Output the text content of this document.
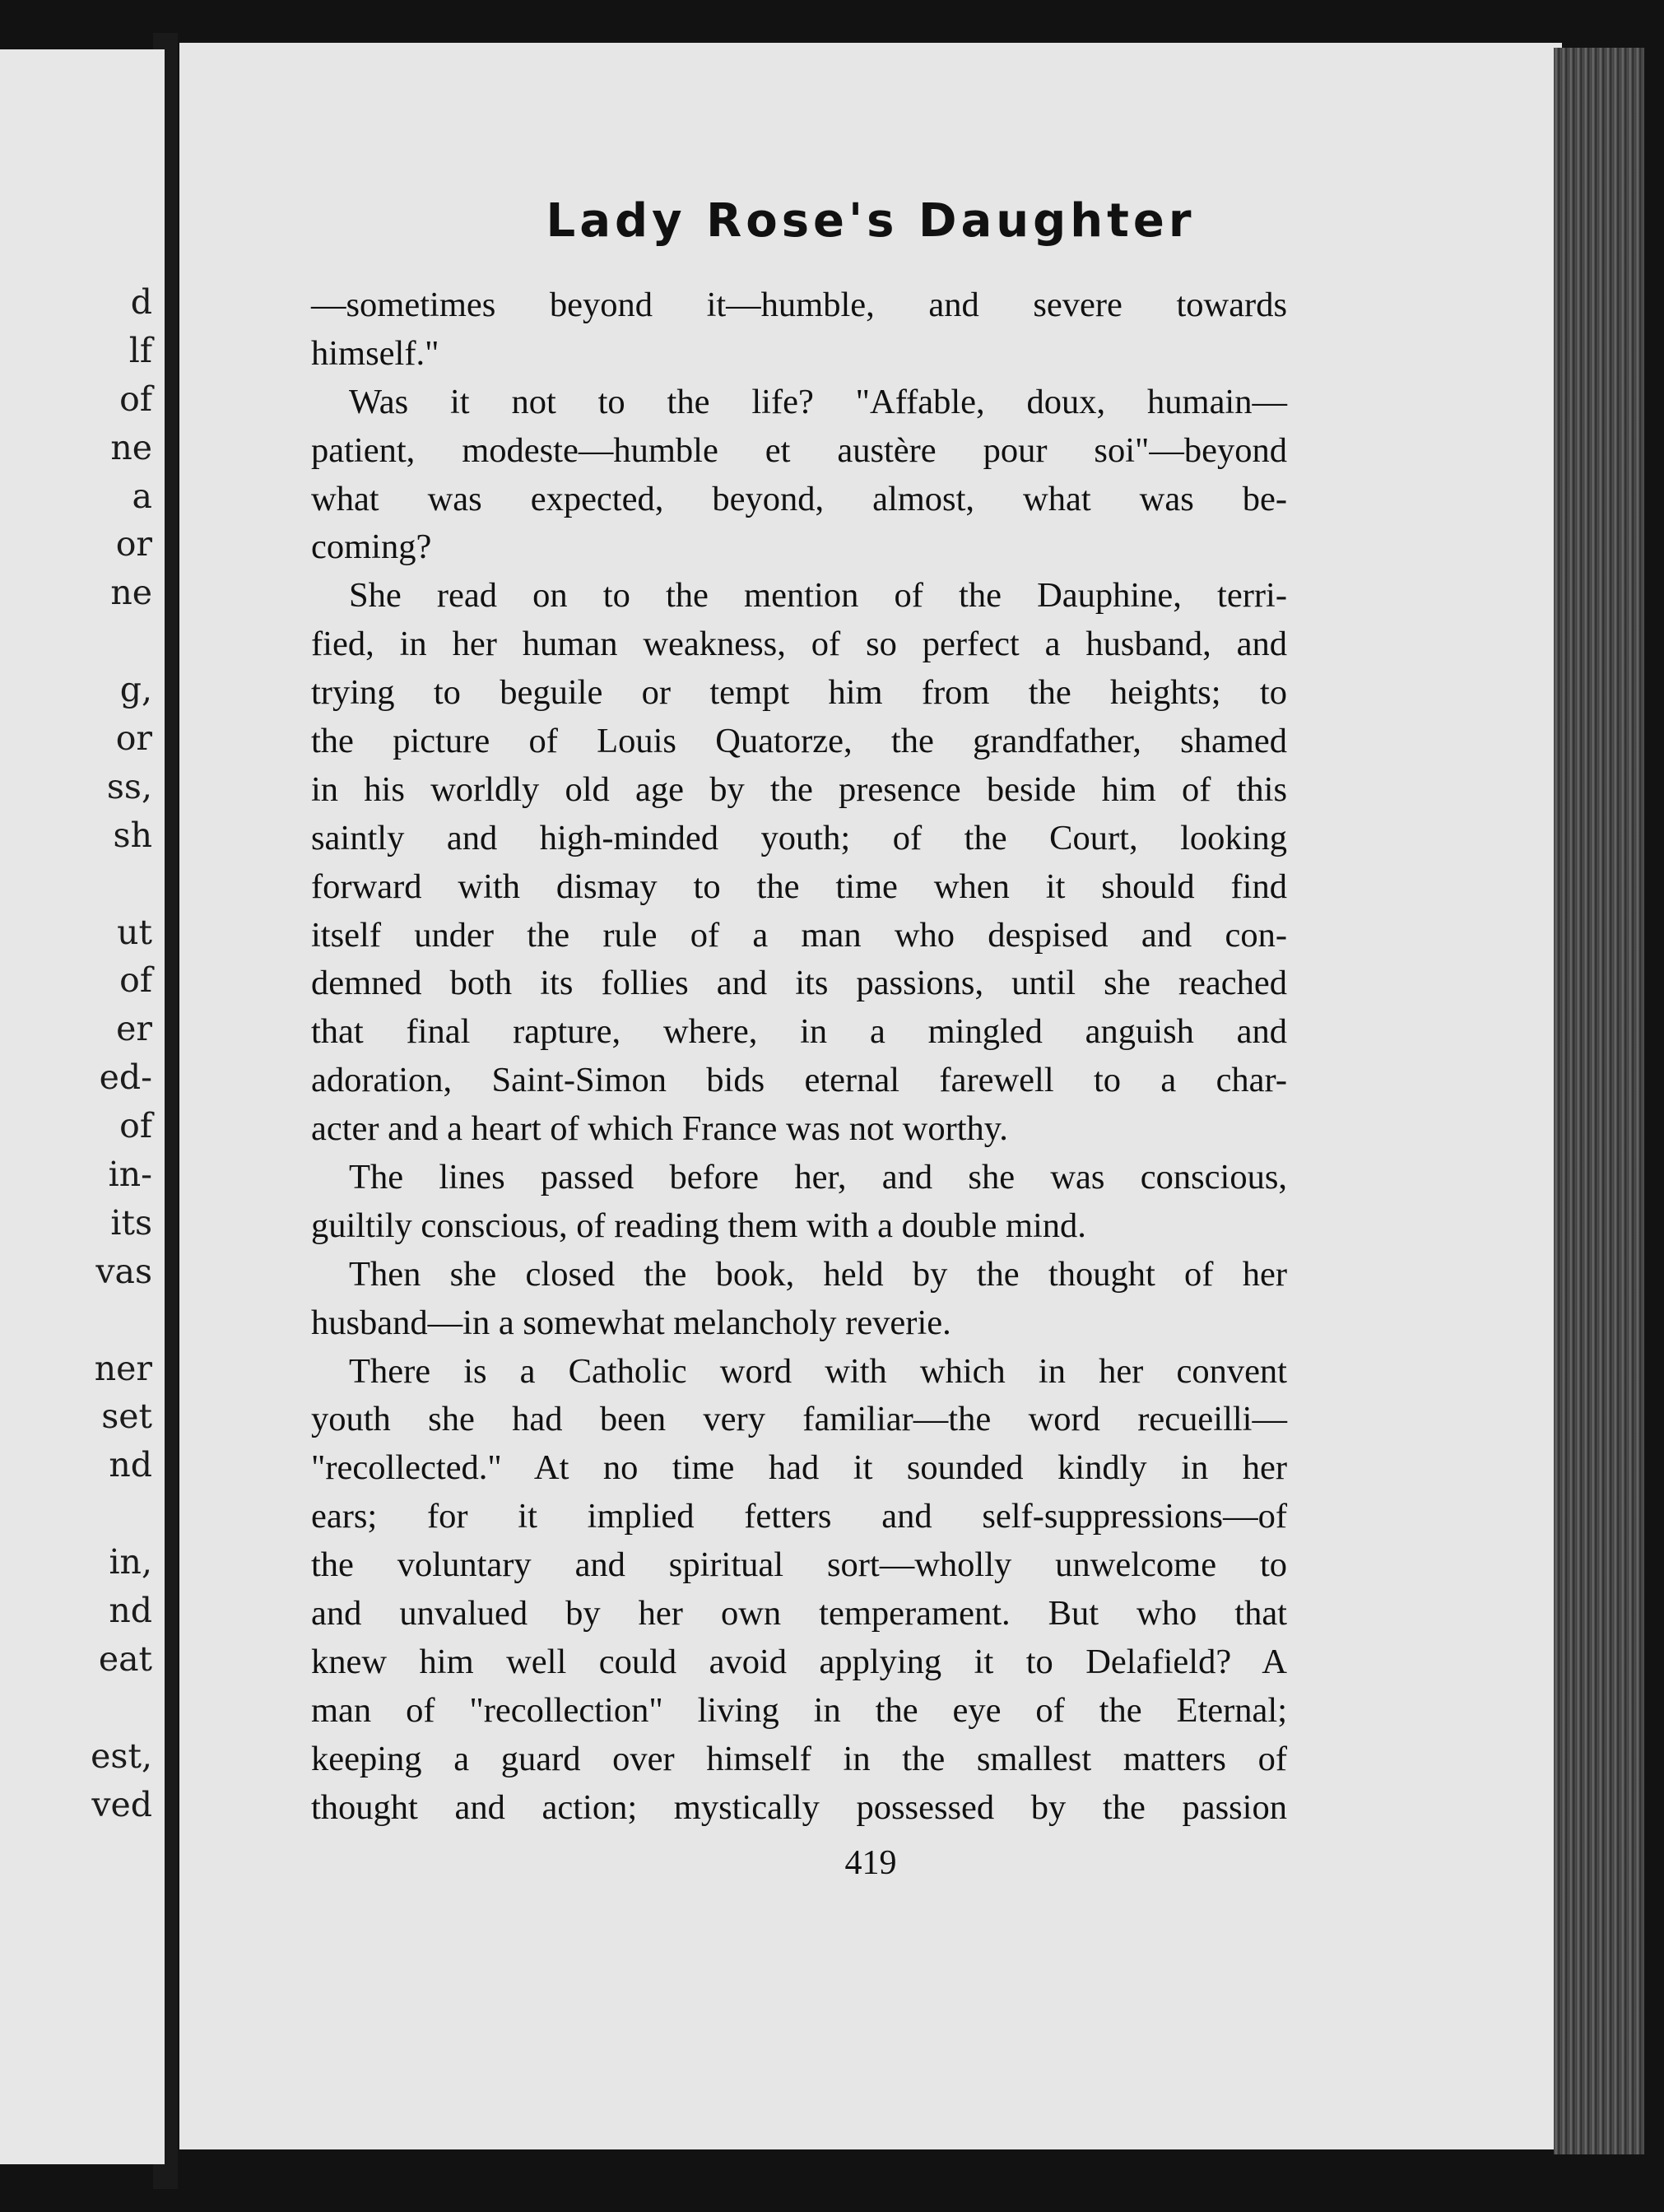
d
lf
of
ne
a
or
ne
g,
or
ss,
sh
ut
of
er
ed-
of
in-
its
vas
ner
set
nd
in,
nd
eat
est,
ved
Lady Rose's Daughter
—sometimes beyond it—humble, and severe towards
himself."
Was it not to the life? "Affable, doux, humain—
patient, modeste—humble et austère pour soi"—beyond
what was expected, beyond, almost, what was be-
coming?
She read on to the mention of the Dauphine, terri-
fied, in her human weakness, of so perfect a husband, and
trying to beguile or tempt him from the heights; to
the picture of Louis Quatorze, the grandfather, shamed
in his worldly old age by the presence beside him of this
saintly and high-minded youth; of the Court, looking
forward with dismay to the time when it should find
itself under the rule of a man who despised and con-
demned both its follies and its passions, until she reached
that final rapture, where, in a mingled anguish and
adoration, Saint-Simon bids eternal farewell to a char-
acter and a heart of which France was not worthy.
The lines passed before her, and she was conscious,
guiltily conscious, of reading them with a double mind.
Then she closed the book, held by the thought of her
husband—in a somewhat melancholy reverie.
There is a Catholic word with which in her convent
youth she had been very familiar—the word recueilli—
"recollected." At no time had it sounded kindly in her
ears; for it implied fetters and self-suppressions—of
the voluntary and spiritual sort—wholly unwelcome to
and unvalued by her own temperament. But who that
knew him well could avoid applying it to Delafield? A
man of "recollection" living in the eye of the Eternal;
keeping a guard over himself in the smallest matters of
thought and action; mystically possessed by the passion
419
